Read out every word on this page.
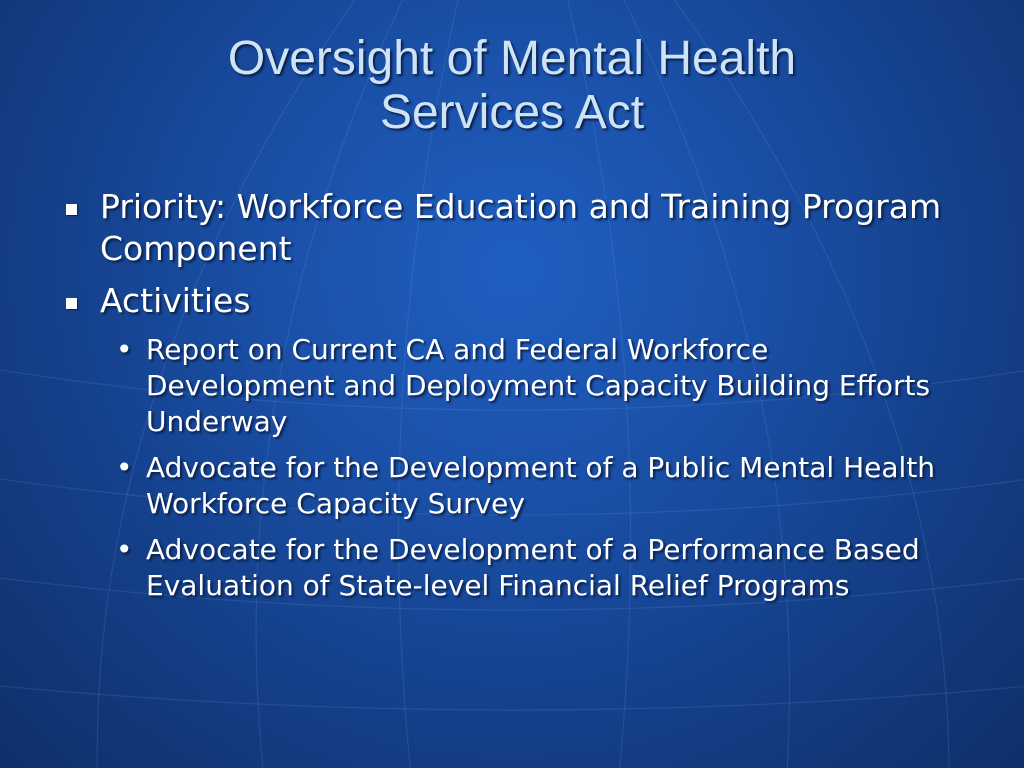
Oversight of Mental Health
Services Act
Priority: Workforce Education and Training Program Component
Activities
• Report on Current CA and Federal Workforce Development and Deployment Capacity Building Efforts Underway
• Advocate for the Development of a Public Mental Health Workforce Capacity Survey
• Advocate for the Development of a Performance Based Evaluation of State-level Financial Relief Programs
